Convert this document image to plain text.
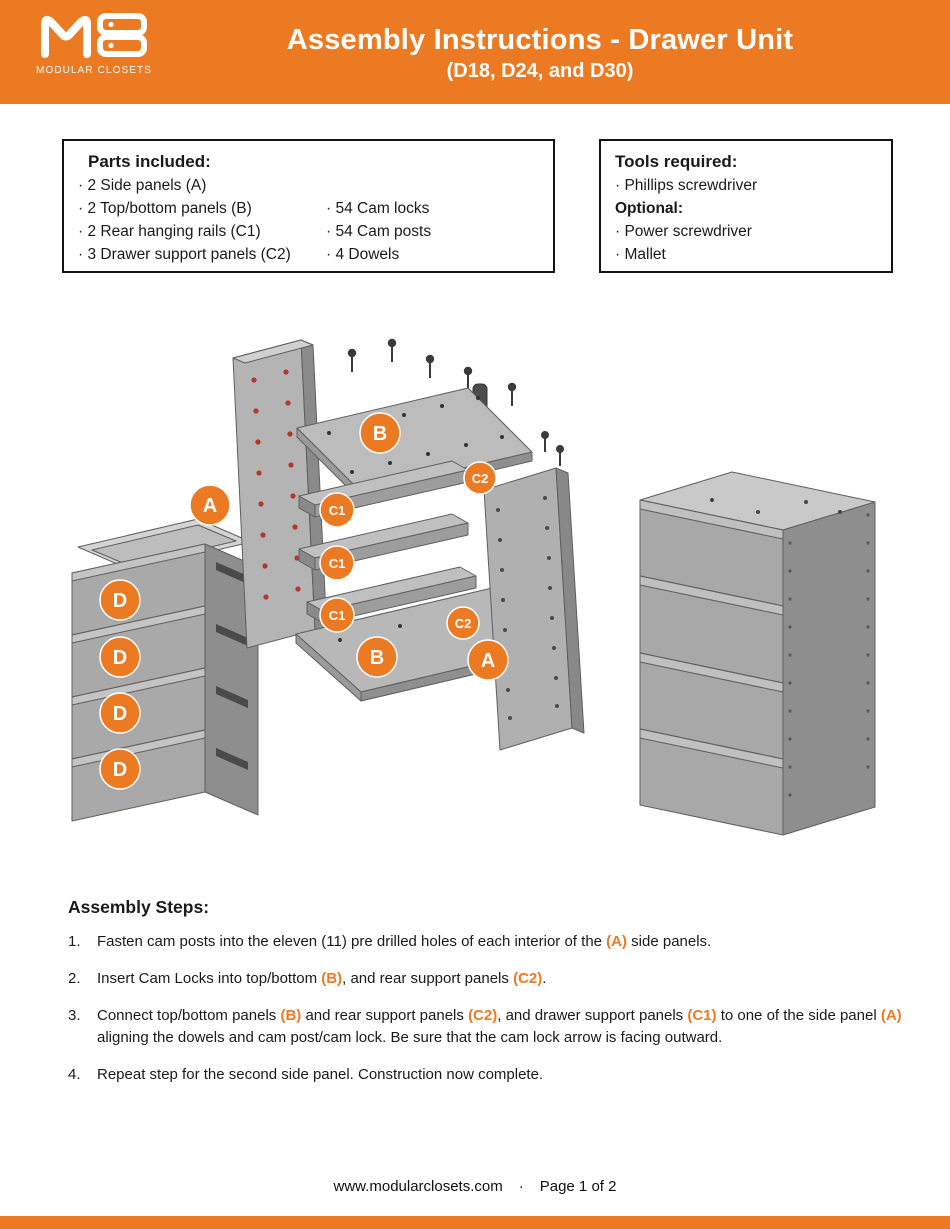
MODULAR CLOSETS
Assembly Instructions - Drawer Unit
(D18, D24, and D30)
Parts included:
· 2 Side panels (A)
· 2 Top/bottom panels (B)
· 2 Rear hanging rails (C1)
· 3 Drawer support panels (C2)
· 54 Cam locks
· 54 Cam posts
· 4 Dowels
Tools required:
· Phillips screwdriver
Optional:
· Power screwdriver
· Mallet
A
B
C2
C1
C1
C1
B
C2
A
D
D
D
D
Assembly Steps:
1.	Fasten cam posts into the eleven (11) pre drilled holes of each interior of the (A) side panels.
2.	Insert Cam Locks into top/bottom (B), and rear support panels (C2).
3.	Connect top/bottom panels (B) and rear support panels (C2), and drawer support panels (C1) to one of the side panel (A) aligning the dowels and cam post/cam lock. Be sure that the cam lock arrow is facing outward.
4.	Repeat step for the second side panel. Construction now complete.
www.modularclosets.com · Page 1 of 2
